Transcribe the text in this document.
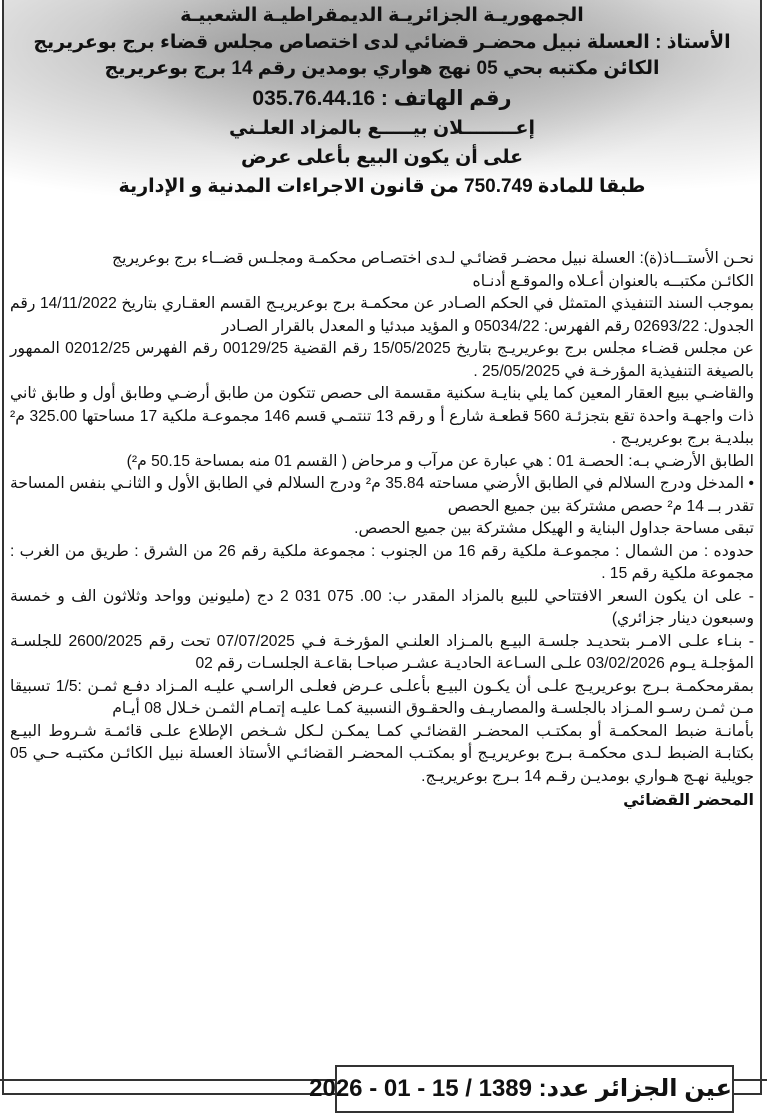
الجمهوريـة الجزائريـة الديمقراطيـة الشعبيـة
الأستاذ : العسلة نبيل محضـر قضائي لدى اختصاص مجلس قضاء برج بوعريريج
الكائن مكتبه بحي 05 نهج هواري بومدين رقم 14 برج بوعريريج
رقم الهاتف : 035.76.44.16
إعــــــــلان بيـــــع بالمزاد العلـني
على أن يكون البيع بأعلى عرض
طبقا للمادة 750.749 من قانون الاجراءات المدنية و الإدارية

نحـن الأستـــاذ(ة): العسلة نبيل محضـر قضائـي لـدى اختصـاص محكمـة ومجلـس قضــاء برج بوعريريج

الكائـن مكتبــه بالعنوان أعـلاه والموقـع أدنـاه

بموجب السند التنفيذي المتمثل في الحكم الصـادر عن محكمـة برج بوعريريـج القسم العقـاري بتاريخ 14/11/2022 رقم الجدول: 02693/22 رقم الفهرس: 05034/22 و المؤيد مبدئيا و المعدل بالقرار الصـادر

عن مجلس قضـاء مجلس برج بوعريريـج بتاريخ 15/05/2025 رقم القضية 00129/25 رقم الفهرس 02012/25 الممهور بالصيغة التنفيذية المؤرخـة في 25/05/2025 .

والقاضـي ببيع العقار المعين كما يلي بنايـة سكنية مقسمة الى حصص تتكون من طابق أرضـي وطابق أول و طابق ثاني ذات واجهـة واحدة تقع بتجزئـة 560 قطعـة شارع أ و رقم 13 تنتمـي قسم 146 مجموعـة ملكية 17 مساحتها 325.00 م² ببلديـة برج بوعريريـج .

الطابق الأرضـي بـه: الحصـة 01 : هي عبارة عن مرآب و مرحاض ( القسم 01 منه بمساحة 50.15 م²)

• المدخل ودرج السلالم في الطابق الأرضي مساحته 35.84 م² ودرج السلالم في الطابق الأول و الثانـي بنفس المساحة تقدر بــ 14 م² حصص مشتركة بين جميع الحصص

تبقى مساحة جداول البناية و الهيكل مشتركة بين جميع الحصص.

حدوده : من الشمال : مجموعـة ملكية رقم 16 من الجنوب : مجموعة ملكية رقم 26 من الشرق : طريق من الغرب : مجموعة ملكية رقم 15 .

- على ان يكون السعر الافتتاحي للبيع بالمزاد المقدر ب: 00. 075 031 2 دج (مليونين وواحد وثلاثون الف و خمسة وسبعون دينار جزائري)

- بنـاء علـى الامـر بتحديـد جلسـة البيـع بالمـزاد العلنـي المؤرخـة فـي 07/07/2025 تحت رقم 2600/2025 للجلسـة المؤجلـة يـوم 03/02/2026 علـى السـاعة الحاديـة عشـر صباحـا بقاعـة الجلسـات رقم 02

بمقرمحكمـة بـرج بوعريريـج علـى أن يكـون البيـع بأعلـى عـرض فعلـى الراسـي عليـه المـزاد دفـع ثمـن :1/5 تسبيقا مـن ثمـن رسـو المـزاد بالجلسـة والمصاريـف والحقـوق النسبية كمـا عليـه إتمـام الثمـن خـلال 08 أيـام

بأمانـة ضبط المحكمـة أو بمكتـب المحضـر القضائـي كمـا يمكـن لـكل شـخص الإطلاع علـى قائمـة شـروط البيـع بكتابـة الضبط لـدى محكمـة بـرج بوعريريـج أو بمكتـب المحضـر القضائـي الأستاذ العسلة نبيل الكائـن مكتبـه حـي 05 جويلية نهـج هـواري بومديـن رقـم 14 بـرج بوعريريـج.

المحضر القضائي
عين الجزائر عدد: 1389 / 15 - 01 - 2026
